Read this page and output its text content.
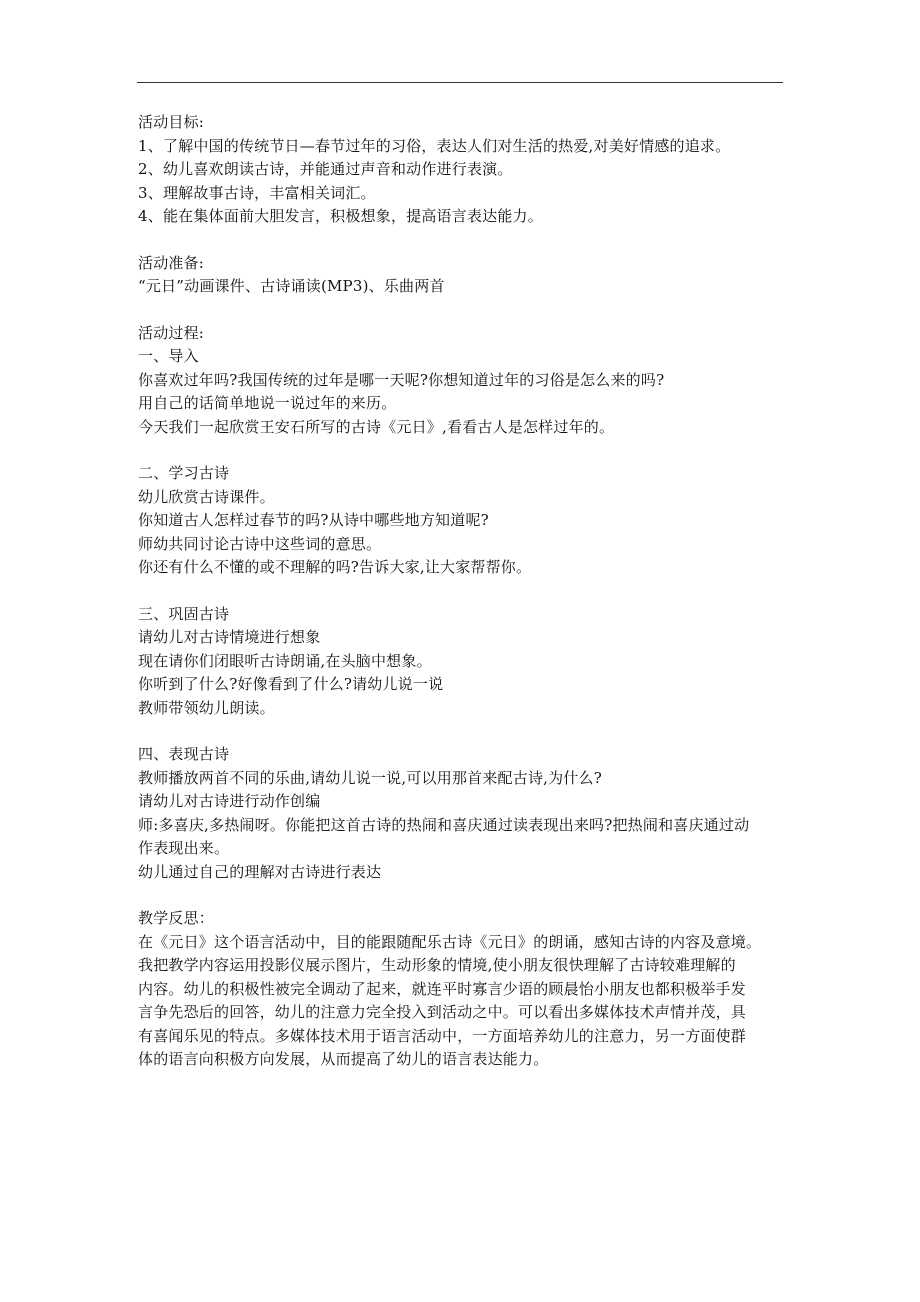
活动目标:
1、了解中国的传统节日—春节过年的习俗，表达人们对生活的热爱,对美好情感的追求。
2、幼儿喜欢朗读古诗，并能通过声音和动作进行表演。
3、理解故事古诗，丰富相关词汇。
4、能在集体面前大胆发言，积极想象，提高语言表达能力。
活动准备:
“元日”动画课件、古诗诵读(MP3)、乐曲两首
活动过程:
一、导入
你喜欢过年吗?我国传统的过年是哪一天呢?你想知道过年的习俗是怎么来的吗?
用自己的话简单地说一说过年的来历。
今天我们一起欣赏王安石所写的古诗《元日》,看看古人是怎样过年的。
二、学习古诗
幼儿欣赏古诗课件。
你知道古人怎样过春节的吗?从诗中哪些地方知道呢?
师幼共同讨论古诗中这些词的意思。
你还有什么不懂的或不理解的吗?告诉大家,让大家帮帮你。
三、巩固古诗
请幼儿对古诗情境进行想象
现在请你们闭眼听古诗朗诵,在头脑中想象。
你听到了什么?好像看到了什么?请幼儿说一说
教师带领幼儿朗读。
四、表现古诗
教师播放两首不同的乐曲,请幼儿说一说,可以用那首来配古诗,为什么?
请幼儿对古诗进行动作创编
师:多喜庆,多热闹呀。你能把这首古诗的热闹和喜庆通过读表现出来吗?把热闹和喜庆通过动
作表现出来。
幼儿通过自己的理解对古诗进行表达
教学反思：
在《元日》这个语言活动中，目的能跟随配乐古诗《元日》的朗诵，感知古诗的内容及意境。
我把教学内容运用投影仪展示图片，生动形象的情境,使小朋友很快理解了古诗较难理解的
内容。幼儿的积极性被完全调动了起来，就连平时寡言少语的顾晨怡小朋友也都积极举手发
言争先恐后的回答，幼儿的注意力完全投入到活动之中。可以看出多媒体技术声情并茂，具
有喜闻乐见的特点。多媒体技术用于语言活动中，一方面培养幼儿的注意力，另一方面使群
体的语言向积极方向发展，从而提高了幼儿的语言表达能力。
